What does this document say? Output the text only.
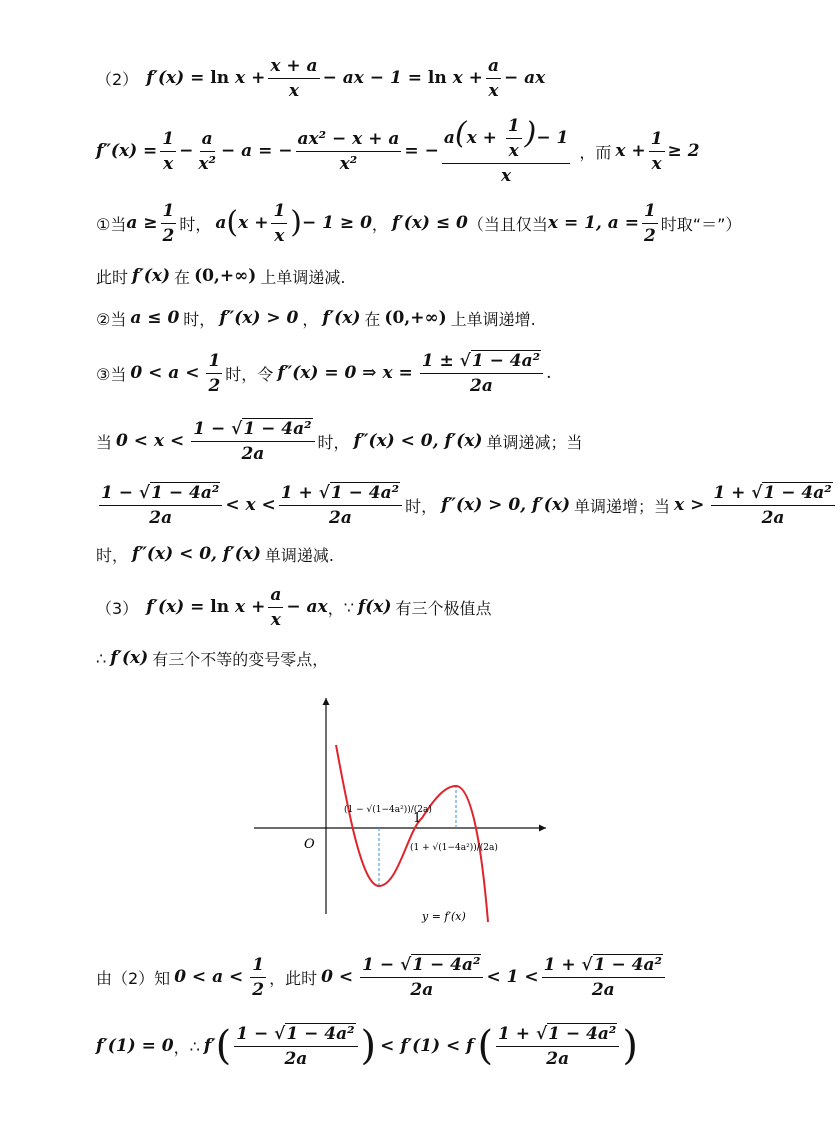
（2） $f'(x) = \ln x + \frac{x + a}{x}$ − ax − $1 = \ln x + \frac{a}{x}$ − ax
$f''(x) = \frac{1}{x} - \frac{a}{\text{x²}} - a$ = − $\frac{\text{ax² − x + a}}{\text{x²}}$ = − $\frac{a(x + \frac{1}{x} )- 1}{x}$ ，而 $x + \frac{1}{x} \ge 2$
①当 $a \ge \frac{1}{2}$ 时， a ( $x + \frac{1}{x}$ ) − 1 ≥ 0 ， f′(x) ≤ 0 （当且仅当 x = 1, $a = \frac{1}{2}$ 时取“＝”）
此时 f′(x) 在 (0,+∞) 上单调递减.
②当 a ≤ 0 时， f″(x) > 0 ， f′(x) 在 (0,+∞) 上单调递增.
③当 $0 < a < \frac{1}{2}$ 时， 令 f″(x) = 0 ⇒ $x = \frac{\text{1 ± √1 − 4a²}}{2a}$ .
当 $0 < x < \frac{\text{1 − √1 − 4a²}}{2a}$ 时， f″(x) < 0, f′(x) 单调递减；当
$\frac{\text{1 − √1 − 4a²}}{2a} < x < \frac{\text{1 + √1 − 4a²}}{2a}$ 时， f″(x) > 0, f′(x) 单调递增；当 $x > \frac{\text{1 + √1 − 4a²}}{2a}$
时， f″(x) < 0, f′(x) 单调递减.
（3） $f'(x) = \ln x + \frac{a}{x}$ − ax ， ∵ f(x) 有三个极值点
∴ f′(x) 有三个不等的变号零点，
O
1
(1 − √(1−4a²))/(2a)
(1 + √(1−4a²))/(2a)
y = f′(x)
由（2）知 $0 < a < \frac{1}{2}$ ，此时 $0 < \frac{\text{1 − √1 − 4a²}}{2a} < 1 < \frac{\text{1 + √1 − 4a²}}{2a}$
f′(1) = 0 ， ∴ f′ ( $\frac{\text{1 − √1 − 4a²}}{2a}$ ) < f′(1) < f ( $\frac{\text{1 + √1 − 4a²}}{2a}$ )
